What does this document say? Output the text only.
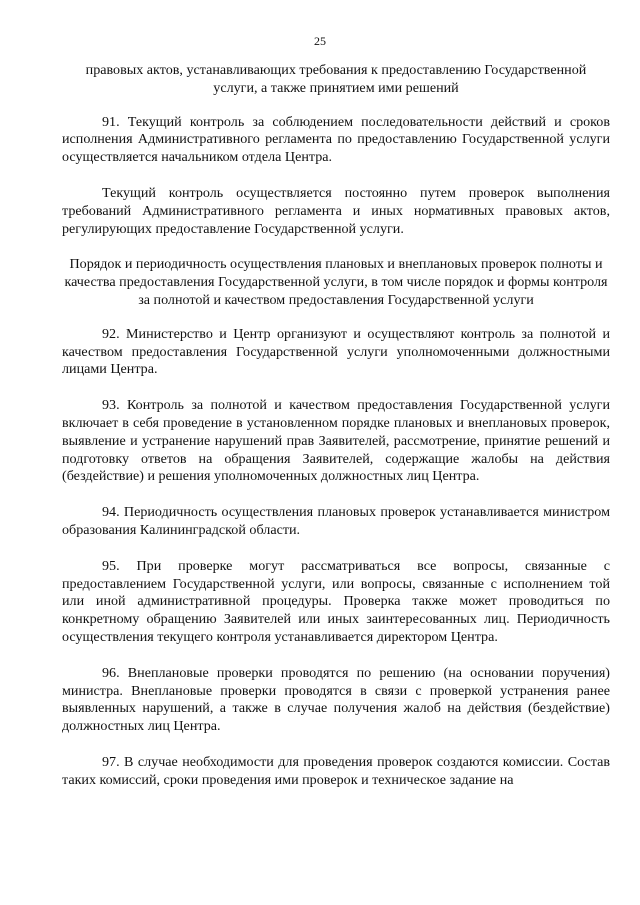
25

правовых актов, устанавливающих требования к предоставлению Государственной услуги, а также принятием ими решений

91. Текущий контроль за соблюдением последовательности действий и сроков исполнения Административного регламента по предоставлению Государственной услуги осуществляется начальником отдела Центра.

Текущий контроль осуществляется постоянно путем проверок выполнения требований Административного регламента и иных нормативных правовых актов, регулирующих предоставление Государственной услуги.

Порядок и периодичность осуществления плановых и внеплановых проверок полноты и качества предоставления Государственной услуги, в том числе порядок и формы контроля за полнотой и качеством предоставления Государственной услуги

92. Министерство и Центр организуют и осуществляют контроль за полнотой и качеством предоставления Государственной услуги уполномоченными должностными лицами Центра.

93. Контроль за полнотой и качеством предоставления Государственной услуги включает в себя проведение в установленном порядке плановых и внеплановых проверок, выявление и устранение нарушений прав Заявителей, рассмотрение, принятие решений и подготовку ответов на обращения Заявителей, содержащие жалобы на действия (бездействие) и решения уполномоченных должностных лиц Центра.

94. Периодичность осуществления плановых проверок устанавливается министром образования Калининградской области.

95. При проверке могут рассматриваться все вопросы, связанные с предоставлением Государственной услуги, или вопросы, связанные с исполнением той или иной административной процедуры. Проверка также может проводиться по конкретному обращению Заявителей или иных заинтересованных лиц. Периодичность осуществления текущего контроля устанавливается директором Центра.

96. Внеплановые проверки проводятся по решению (на основании поручения) министра. Внеплановые проверки проводятся в связи с проверкой устранения ранее выявленных нарушений, а также в случае получения жалоб на действия (бездействие) должностных лиц Центра.

97. В случае необходимости для проведения проверок создаются комиссии. Состав таких комиссий, сроки проведения ими проверок и техническое задание на
